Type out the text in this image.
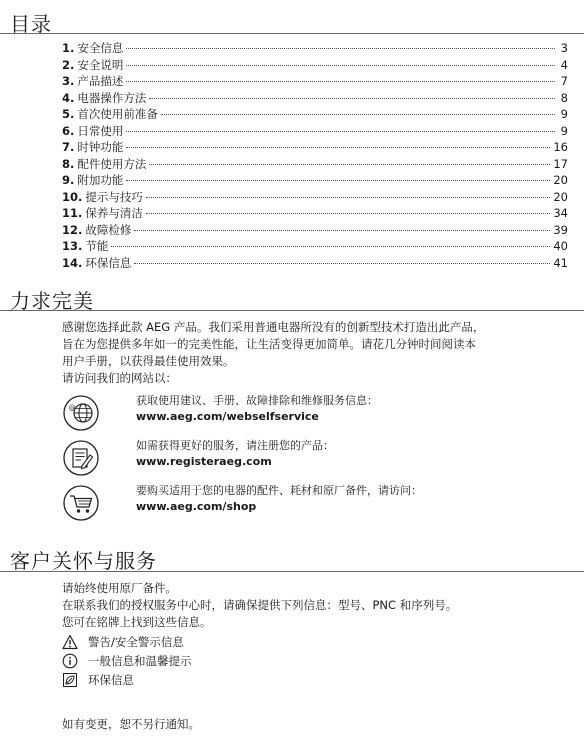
目录
1. 安全信息	3
2. 安全说明	4
3. 产品描述	7
4. 电器操作方法	8
5. 首次使用前准备	9
6. 日常使用	9
7. 时钟功能	16
8. 配件使用方法	17
9. 附加功能	20
10. 提示与技巧	20
11. 保养与清洁	34
12. 故障检修	39
13. 节能	40
14. 环保信息	41
力求完美
感谢您选择此款 AEG 产品。我们采用普通电器所没有的创新型技术打造出此产品，
旨在为您提供多年如一的完美性能，让生活变得更加简单。请花几分钟时间阅读本
用户手册，以获得最佳使用效果。
请访问我们的网站以：
@
获取使用建议、手册、故障排除和维修服务信息：
www.aeg.com/webselfservice
如需获得更好的服务，请注册您的产品：
www.registeraeg.com
要购买适用于您的电器的配件、耗材和原厂备件，请访问：
www.aeg.com/shop
客户关怀与服务
请始终使用原厂备件。
在联系我们的授权服务中心时，请确保提供下列信息：型号、PNC 和序列号。
您可在铭牌上找到这些信息。
警告/安全警示信息
一般信息和温馨提示
环保信息
如有变更，恕不另行通知。
